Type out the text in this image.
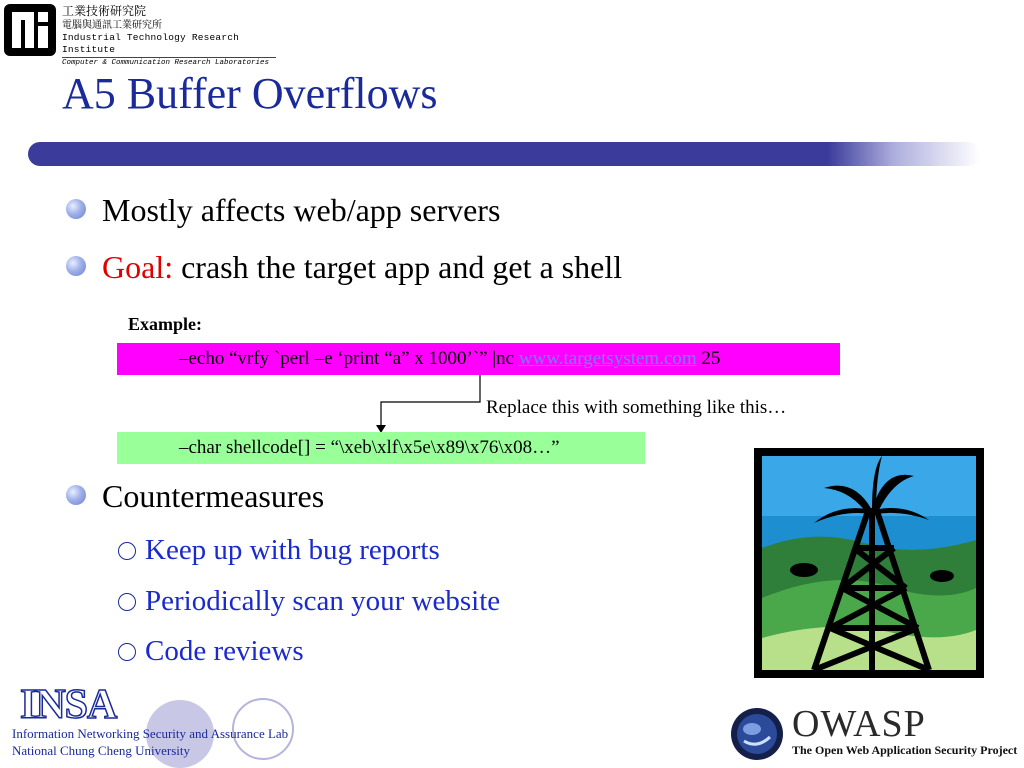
工業技術研究院
電腦與通訊工業研究所
Industrial Technology Research Institute
Computer & Communication Research Laboratories
A5 Buffer Overflows
Mostly affects web/app servers
Goal: crash the target app and get a shell
Example:
–echo “vrfy `perl –e ‘print “a” x 1000’`” |nc www.targetsystem.com 25
Replace this with something like this…
–char shellcode[] = “\xeb\xlf\x5e\x89\x76\x08…”
Countermeasures
Keep up with bug reports
Periodically scan your website
Code reviews
INSA
Information Networking Security and Assurance Lab
National Chung Cheng University
OWASP
The Open Web Application Security Project
